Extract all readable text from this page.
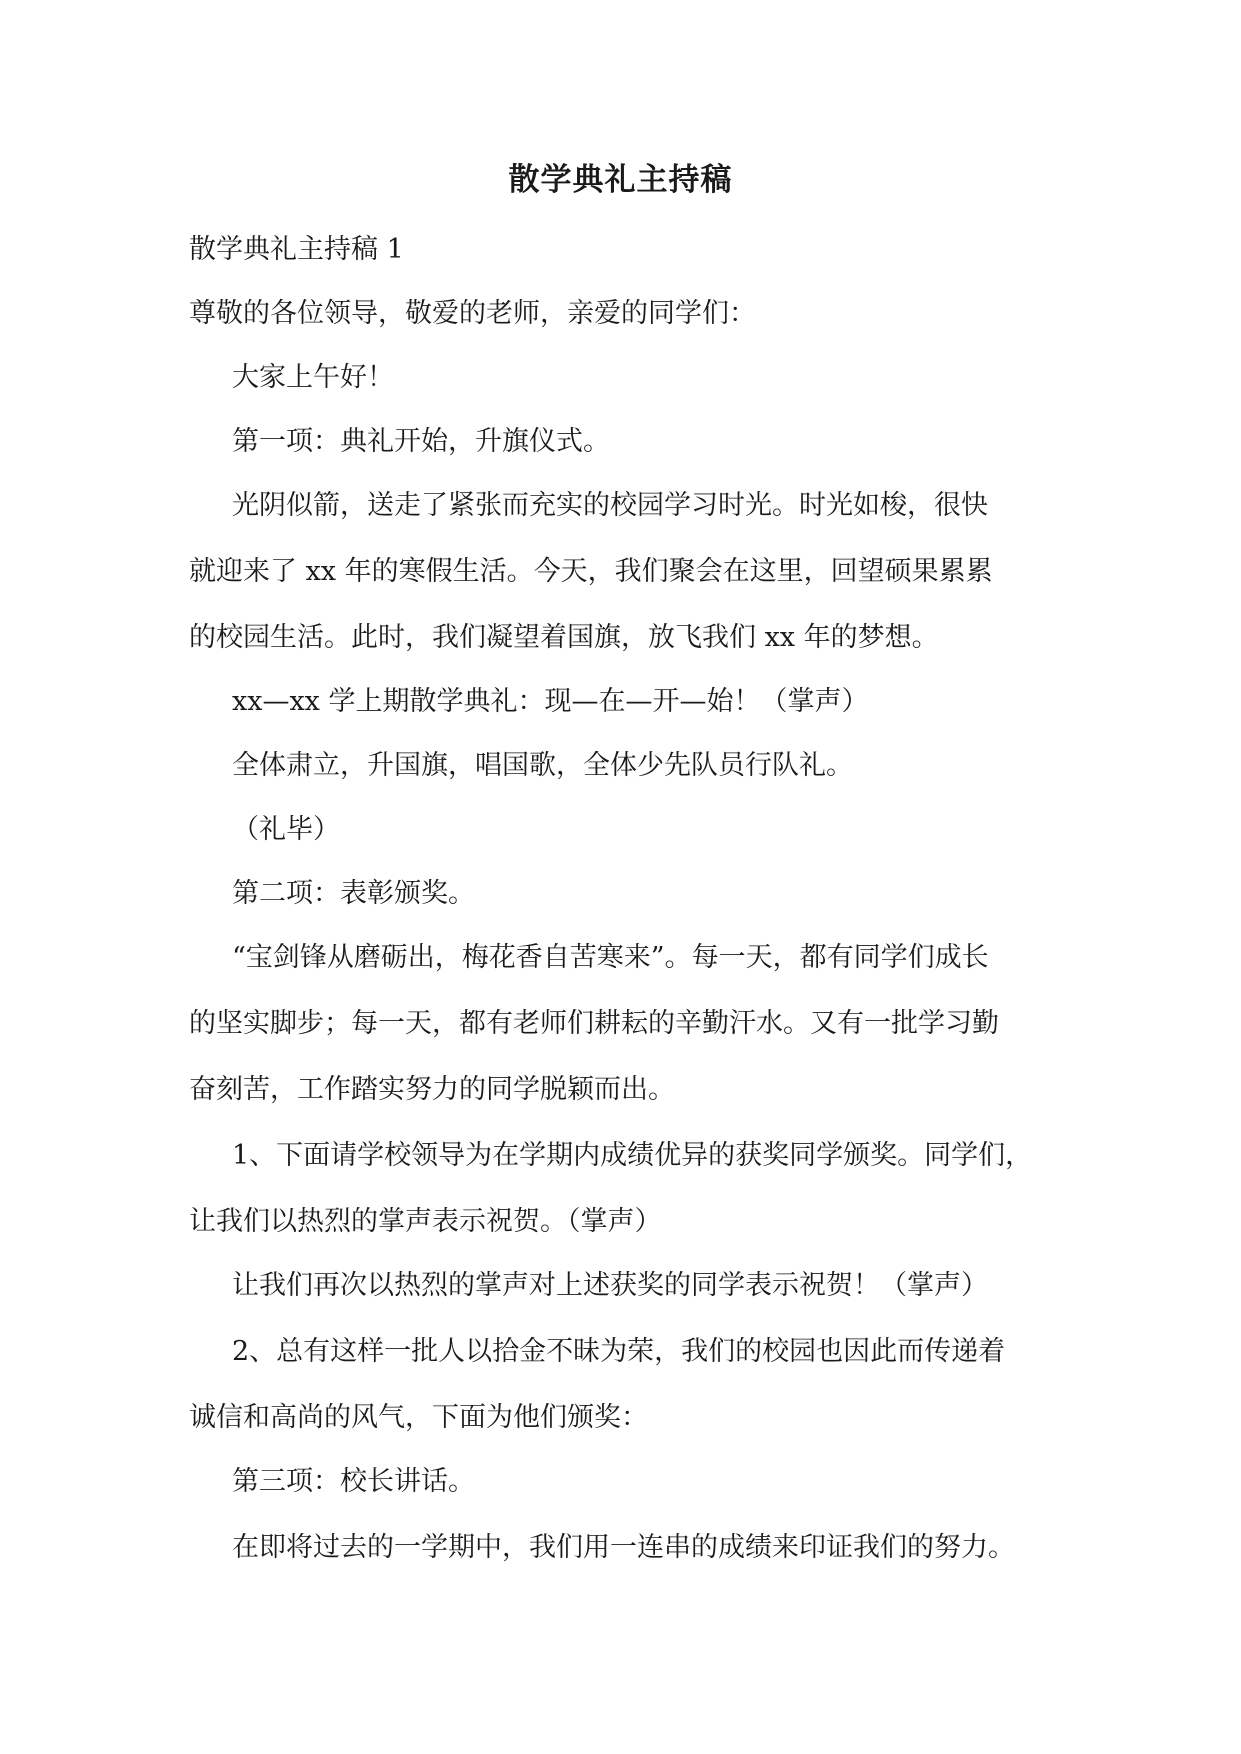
散学典礼主持稿
散学典礼主持稿 1
尊敬的各位领导，敬爱的老师，亲爱的同学们：
大家上午好！
第一项：典礼开始，升旗仪式。
光阴似箭，送走了紧张而充实的校园学习时光。时光如梭，很快
就迎来了 xx 年的寒假生活。今天，我们聚会在这里，回望硕果累累
的校园生活。此时，我们凝望着国旗，放飞我们 xx 年的梦想。
xx—xx 学上期散学典礼：现—在—开—始！（掌声）
全体肃立，升国旗，唱国歌，全体少先队员行队礼。
（礼毕）
第二项：表彰颁奖。
“宝剑锋从磨砺出，梅花香自苦寒来”。每一天，都有同学们成长
的坚实脚步；每一天，都有老师们耕耘的辛勤汗水。又有一批学习勤
奋刻苦，工作踏实努力的同学脱颖而出。
1、下面请学校领导为在学期内成绩优异的获奖同学颁奖。同学们，
让我们以热烈的掌声表示祝贺。（掌声）
让我们再次以热烈的掌声对上述获奖的同学表示祝贺！（掌声）
2、总有这样一批人以拾金不昧为荣，我们的校园也因此而传递着
诚信和高尚的风气，下面为他们颁奖：
第三项：校长讲话。
在即将过去的一学期中，我们用一连串的成绩来印证我们的努力。
